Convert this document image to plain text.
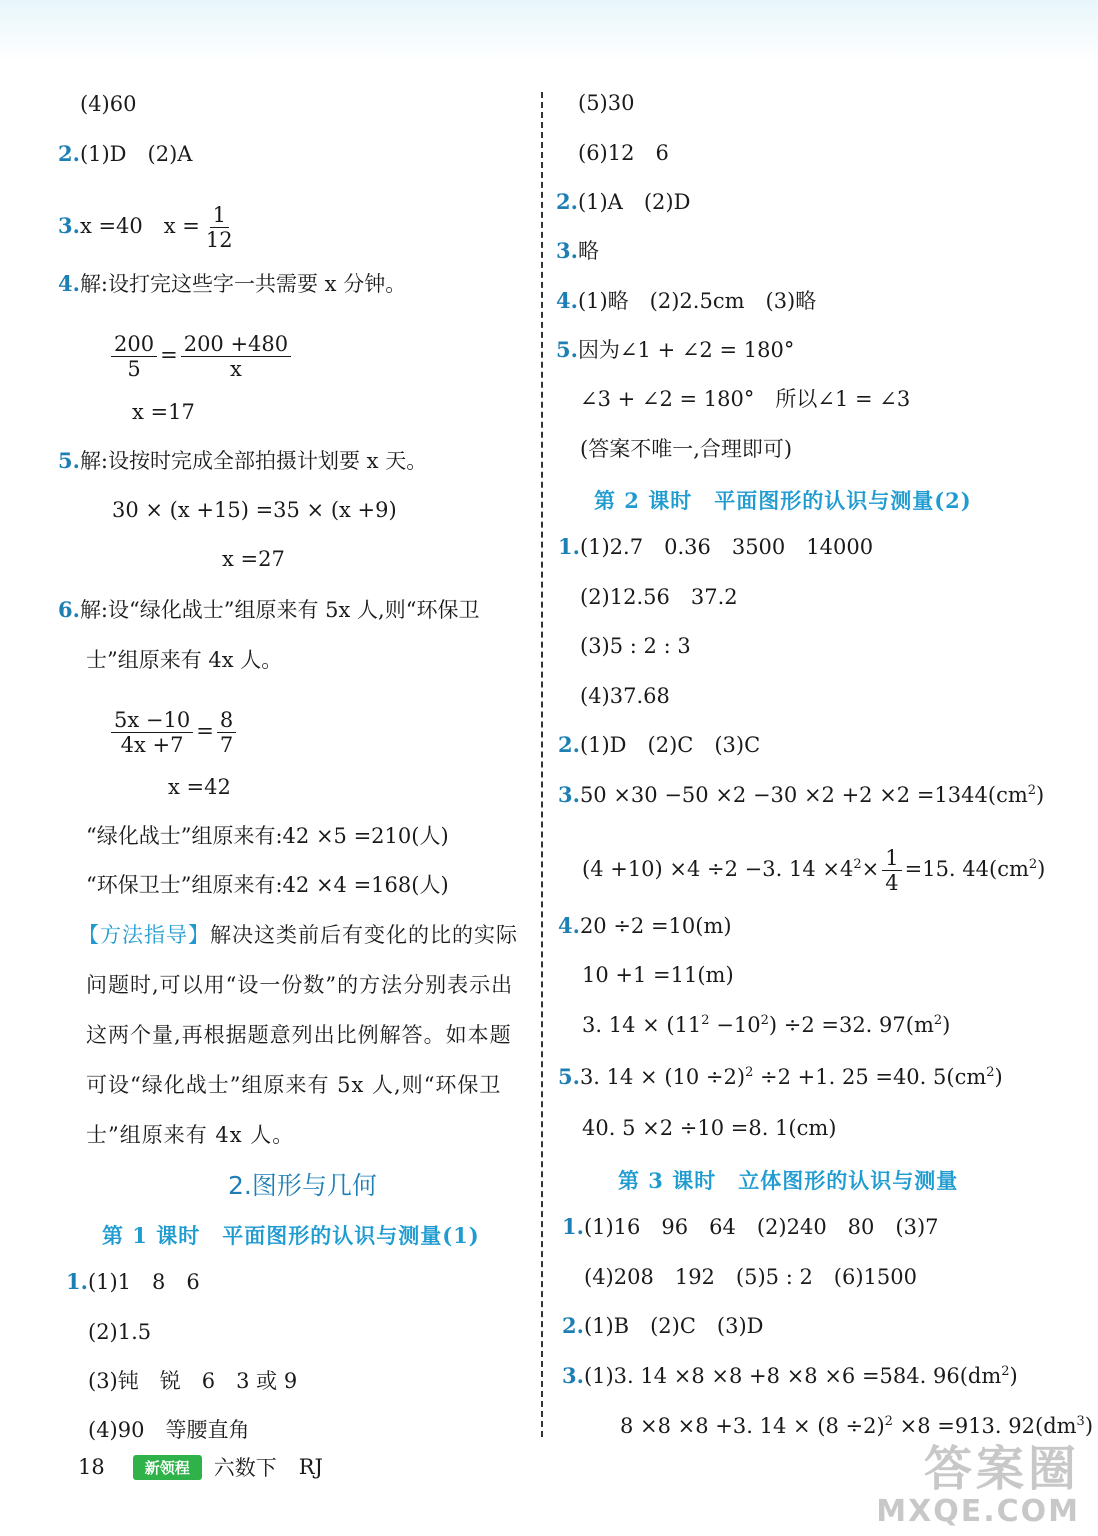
(4)60
2.(1)D　(2)A
3.x =40　$x = \frac{1}{12}$
4.解:设打完这些字一共需要 x 分钟。
$\frac{200}{5} = \frac{200 +480}{x}$
x =17
5.解:设按时完成全部拍摄计划要 x 天。
30 × (x +15) =35 × (x +9)
x =27
6.解:设“绿化战士”组原来有 5x 人,则“环保卫
士”组原来有 4x 人。
$\frac{5x -10}{4x +7} = \frac{8}{7}$
x =42
“绿化战士”组原来有:42 ×5 =210(人)
“环保卫士”组原来有:42 ×4 =168(人)
【方法指导】解决这类前后有变化的比的实际
问题时,可以用“设一份数”的方法分别表示出
这两个量,再根据题意列出比例解答。如本题
可设“绿化战士”组原来有 5x 人,则“环保卫
士”组原来有 4x 人。
2.图形与几何
第 1 课时　平面图形的认识与测量(1)
1.(1)1　8　6
(2)1.5
(3)钝　锐　6　3 或 9
(4)90　等腰直角
(5)30
(6)12　6
2.(1)A　(2)D
3.略
4.(1)略　(2)2.5cm　(3)略
5.因为∠1 + ∠2 = 180°
∠3 + ∠2 = 180°　所以∠1 = ∠3
(答案不唯一,合理即可)
第 2 课时　平面图形的认识与测量(2)
1.(1)2.7　0.36　3500　14000
(2)12.56　37.2
(3)5 : 2 : 3
(4)37.68
2.(1)D　(2)C　(3)C
$3.50 \times 30 -50 \times 2 -30 \times 2 +2 \times 2 =1344(cm^2)$
(4 +10) ×4 ÷2 −3. $14 \times 4^2\times \frac{1}{4} =15$. $44(cm^2)$
4.20 ÷2 =10(m)
10 +1 =11(m)
3. $14 \times (11^2 -10^2) \div 2 =32$. $97(m^2)$
5.3. $14 \times (10 \div 2)^2 \div 2 +1$. 25 =40. $5(cm^2)$
40. 5 ×2 ÷10 =8. 1(cm)
第 3 课时　立体图形的认识与测量
1.(1)16　96　64　(2)240　80　(3)7
(4)208　192　(5)5 : 2　(6)1500
2.(1)B　(2)C　(3)D
3.(1)3. 14 ×8 ×8 +8 ×8 ×6 =584. $96(dm^2)$
8 ×8 ×8 +3. $14 \times (8 \div 2)^2 \times 8 =913$. $92(dm^3)$
18	新领程	六数下 RJ	答案圈
MXQE.COM
